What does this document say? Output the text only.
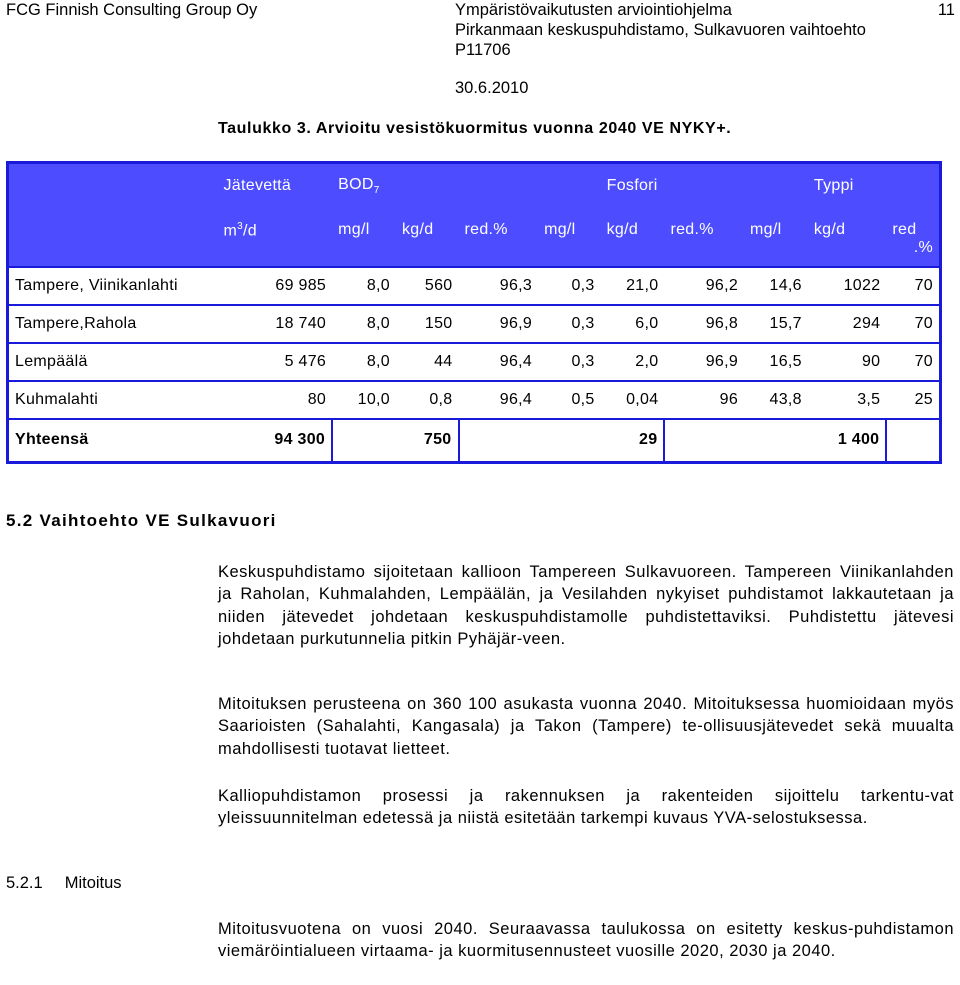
FCG Finnish Consulting Group Oy	Ympäristövaikutusten arviointiohjelma	11
Pirkanmaan keskuspuhdistamo, Sulkavuoren vaihtoehto
P11706
30.6.2010
Taulukko 3. Arvioitu vesistökuormitus vuonna 2040 VE NYKY+.
	Jätevettä	$BOD_7$				Fosfori			Typpi	
	$m^3/d$	mg/l	kg/d	red.%	mg/l	kg/d	red.%	mg/l	kg/d	red
.%

Tampere, Viinikanlahti	69 985	8,0	560	96,3	0,3	21,0	96,2	14,6	1022	70
Tampere,Rahola	18 740	8,0	150	96,9	0,3	6,0	96,8	15,7	294	70
Lempäälä	5 476	8,0	44	96,4	0,3	2,0	96,9	16,5	90	70
Kuhmalahti	80	10,0	0,8	96,4	0,5	0,04	96	43,8	3,5	25
Yhteensä	94 300		750			29			1 400	
5.2 Vaihtoehto VE Sulkavuori
Keskuspuhdistamo sijoitetaan kallioon Tampereen Sulkavuoreen. Tampereen Viinikanlahden ja Raholan, Kuhmalahden, Lempäälän, ja Vesilahden nykyiset puhdistamot lakkautetaan ja niiden jätevedet johdetaan keskuspuhdistamolle puhdistettaviksi. Puhdistettu jätevesi johdetaan purkutunnelia pitkin Pyhäjär-veen.
Mitoituksen perusteena on 360 100 asukasta vuonna 2040. Mitoituksessa huomioidaan myös Saarioisten (Sahalahti, Kangasala) ja Takon (Tampere) te-ollisuusjätevedet sekä muualta mahdollisesti tuotavat lietteet.
Kalliopuhdistamon prosessi ja rakennuksen ja rakenteiden sijoittelu tarkentu-vat yleissuunnitelman edetessä ja niistä esitetään tarkempi kuvaus YVA-selostuksessa.
5.2.1 Mitoitus
Mitoitusvuotena on vuosi 2040. Seuraavassa taulukossa on esitetty keskus-puhdistamon viemäröintialueen virtaama- ja kuormitusennusteet vuosille 2020, 2030 ja 2040.
